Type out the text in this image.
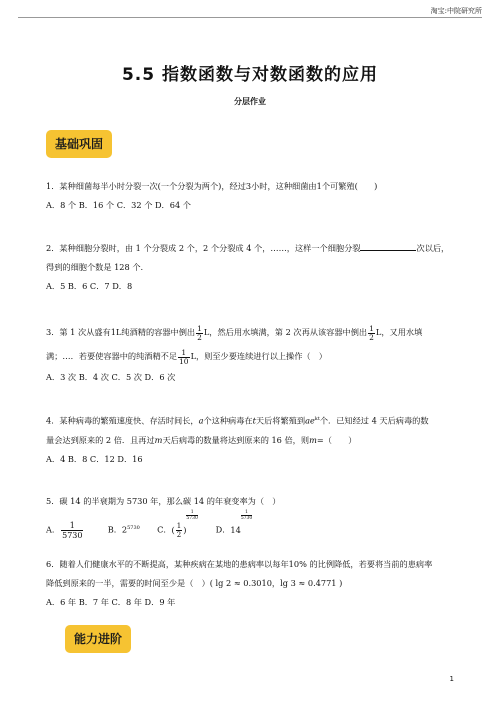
淘宝:中院研究所
5.5 指数函数与对数函数的应用
分层作业
基础巩固
1．某种细菌每半小时分裂一次(一个分裂为两个)，经过3小时，这种细菌由1个可繁殖(　　)
A．8 个 B．16 个 C．32 个 D．64 个
2．某种细胞分裂时，由 1 个分裂成 2 个，2 个分裂成 4 个，……，这样一个细胞分裂	次以后，
得到的细胞个数是 128 个.
A．5 B．6 C．7 D．8
3．第 1 次从盛有1L纯酒精的容器中倒出 $\frac{1}{2}$ L，然后用水填满，第 2 次再从该容器中倒出 $\frac{1}{2}$ L，又用水填
满；…．若要使容器中的纯酒精不足 $\frac{1}{10}$ L，则至少要连续进行以上操作（　）
A．3 次 B．4 次 C．5 次 D．6 次
4．某种病毒的繁殖速度快、存活时间长，a个这种病毒在t天后将繁殖到$ae^{kt}$个．已知经过 4 天后病毒的数
量会达到原来的 2 倍．且再过m天后病毒的数量将达到原来的 16 倍，则m=（　　）
A．4 B．8 C．12 D．16
5．碳 14 的半衰期为 5730 年，那么碳 14 的年衰变率为（　）
A． $\frac{1}{5730}$	B．$2^{5730}$ C．( $\frac{1}{2}$ )
1
5730
D．14
1
5730
6．随着人们健康水平的不断提高，某种疾病在某地的患病率以每年10% 的比例降低，若要将当前的患病率
降低到原来的一半，需要的时间至少是（　）( lg 2 ≈ 0.3010，lg 3 ≈ 0.4771 )
A．6 年 B．7 年 C．8 年 D．9 年
能力进阶
1
